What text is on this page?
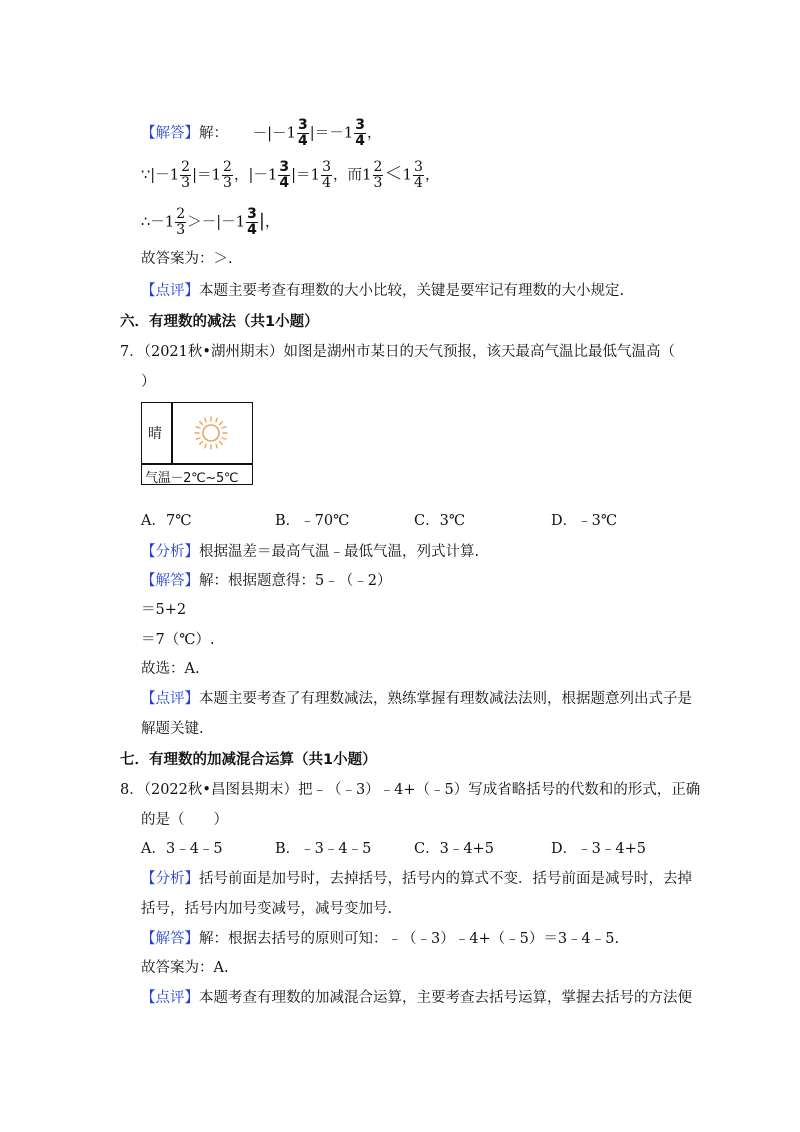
【解答】解： $-|-1 \frac{3}{4} |=-1 \frac{3}{4}$ ，
∵|－1 $\frac{2}{3} |=1 \frac{2}{3}$ ，$|-1 \frac{3}{4} |=1 \frac{3}{4}$ ，而$1 \frac{2}{3} <1 \frac{3}{4}$ ，
∴－1 $\frac{2}{3} >-|-1 \frac{3}{4}$ |，
故答案为：＞.
【点评】本题主要考查有理数的大小比较，关键是要牢记有理数的大小规定.
六．有理数的减法（共1小题）
7．（2021秋•湖州期末）如图是湖州市某日的天气预报，该天最高气温比最低气温高（
）
晴
气温－2℃~5℃
A．7℃	B．﹣70℃	C．3℃	D．﹣3℃
【分析】根据温差＝最高气温﹣最低气温，列式计算.
【解答】解：根据题意得：5﹣（﹣2）
＝5+2
＝7（℃）.
故选：A.
【点评】本题主要考查了有理数减法，熟练掌握有理数减法法则，根据题意列出式子是
解题关键.
七．有理数的加减混合运算（共1小题）
8．（2022秋•昌图县期末）把﹣（﹣3）﹣4+（﹣5）写成省略括号的代数和的形式，正确
的是（　　）
A．3﹣4﹣5	B．﹣3﹣4﹣5	C．3﹣4+5	D．﹣3﹣4+5
【分析】括号前面是加号时，去掉括号，括号内的算式不变．括号前面是减号时，去掉
括号，括号内加号变减号，减号变加号.
【解答】解：根据去括号的原则可知：﹣（﹣3）﹣4+（﹣5）＝3﹣4﹣5.
故答案为：A.
【点评】本题考查有理数的加减混合运算，主要考查去括号运算，掌握去括号的方法便
